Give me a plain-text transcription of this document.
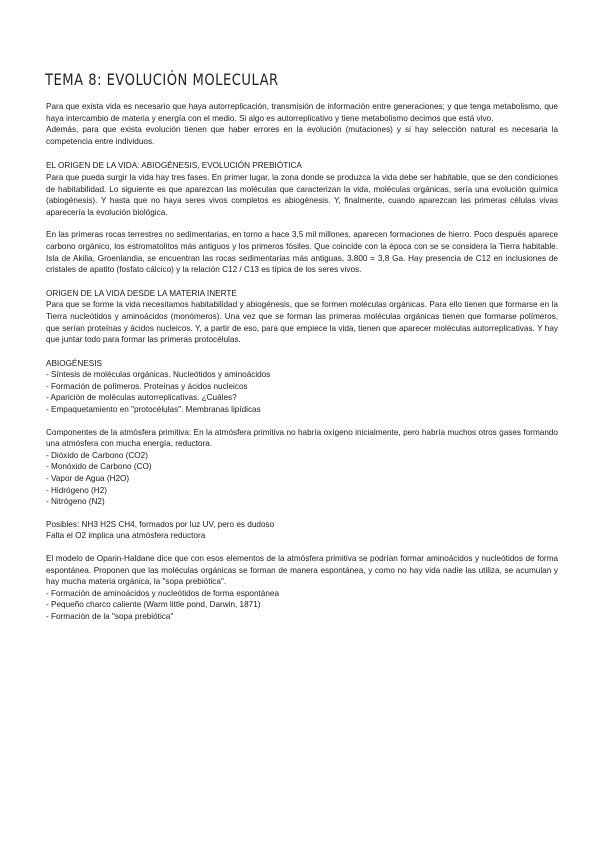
TEMA 8: EVOLUCIÓN MOLECULAR

Para que exista vida es necesario que haya autorreplicación, transmisión de información entre generaciones; y que tenga metabolismo, que haya intercambio de materia y energía con el medio. Si algo es autorreplicativo y tiene metabolismo decimos que está vivo.

Además, para que exista evolución tienen que haber errores en la evolución (mutaciones) y si hay selección natural es necesaria la competencia entre individuos.

EL ORIGEN DE LA VIDA: ABIOGÉNESIS, EVOLUCIÓN PREBIÓTICA

Para que pueda surgir la vida hay tres fases. En primer lugar, la zona donde se produzca la vida debe ser habitable, que se den condiciones de habitabilidad. Lo siguiente es que aparezcan las moléculas que caracterizan la vida, moléculas orgánicas, sería una evolución química (abiogénesis). Y hasta que no haya seres vivos completos es abiogénesis. Y, finalmente, cuando aparezcan las primeras células vivas aparecería la evolución biológica.

En las primeras rocas terrestres no sedimentarias, en torno a hace 3,5 mil millones, aparecen formaciones de hierro. Poco después aparece carbono orgánico, los estromatolitos más antiguos y los primeros fósiles. Que coincide con la época con se se considera la Tierra habitable. Isla de Akilia, Groenlandia, se encuentran las rocas sedimentarias más antiguas, 3.800 = 3,8 Ga. Hay presencia de C12 en inclusiones de cristales de apatito (fosfato cálcico) y la relación C12 / C13 es típica de los seres vivos.

ORIGEN DE LA VIDA DESDE LA MATERIA INERTE

Para que se forme la vida necesitamos habitabilidad y abiogénesis, que se formen moléculas orgánicas. Para ello tienen que formarse en la Tierra nucleótidos y aminoácidos (monómeros). Una vez que se forman las primeras moléculas orgánicas tienen que formarse polímeros, que serían proteínas y ácidos nucleicos. Y, a partir de eso, para que empiece la vida, tienen que aparecer moléculas autorreplicativas. Y hay que juntar todo para formar las primeras protocélulas.

ABIOGÉNESIS

- Síntesis de moléculas orgánicas. Nucleótidos y aminoácidos

- Formación de polímeros. Proteínas y ácidos nucleicos

- Aparición de moléculas autorreplicativas. ¿Cuáles?

- Empaquetamiento en "protocélulas". Membranas lipídicas

Componentes de la atmósfera primitiva: En la atmósfera primitiva no habría oxígeno inicialmente, pero habría muchos otros gases formando una atmósfera con mucha energía, reductora.

- Dióxido de Carbono (CO2)

- Monóxido de Carbono (CO)

- Vapor de Agua (H2O)

- Hidrógeno (H2)

- Nitrógeno (N2)

Posibles: NH3 H2S CH4, formados por luz UV, pero es dudoso

Falta el O2 implica una atmósfera reductora

El modelo de Oparin-Haldane dice que con esos elementos de la atmósfera primitiva se podrían formar aminoácidos y nucleótidos de forma espontánea. Proponen que las moléculas orgánicas se forman de manera espontánea, y como no hay vida nadie las utiliza, se acumulan y hay mucha materia orgánica, la "sopa prebiótica".

- Formación de aminoácidos y nucleótidos de forma espontánea

- Pequeño charco caliente (Warm little pond, Darwin, 1871)

- Formación de la "sopa prebiótica"
